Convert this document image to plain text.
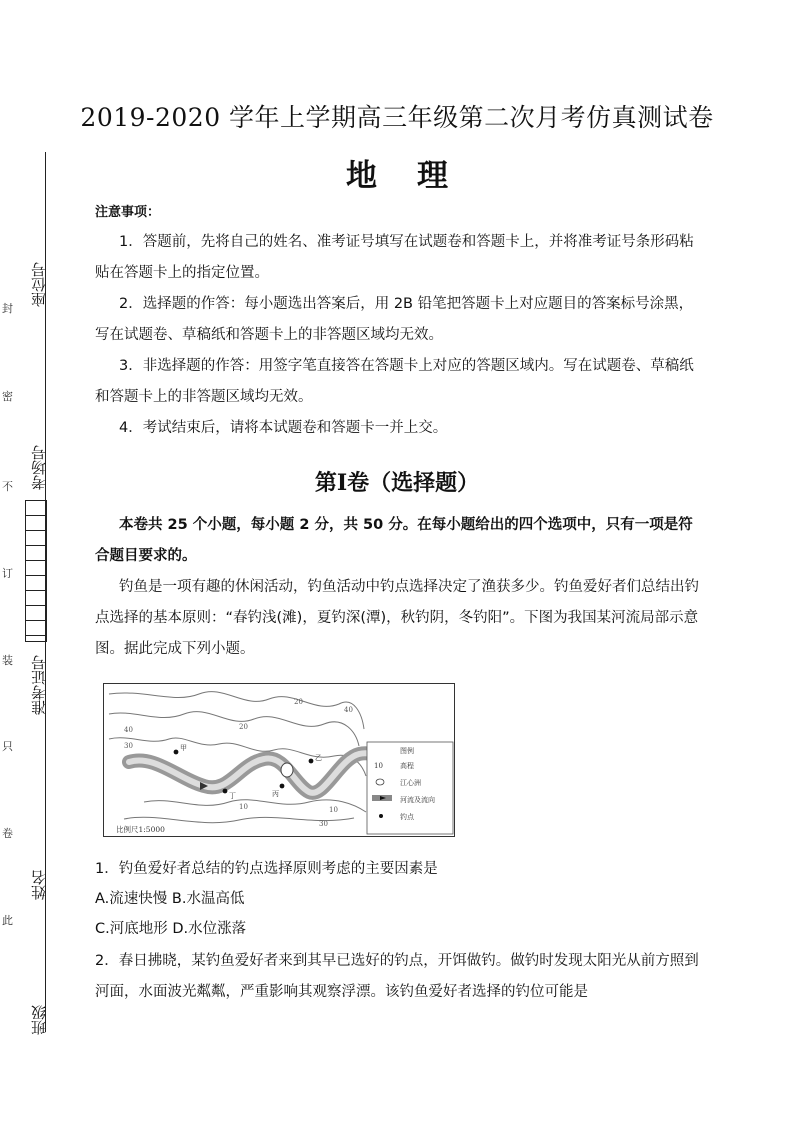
座位号
考场号
准考证号
姓名
班级
封
密
不
订
装
只
卷
此
2019-2020 学年上学期高三年级第二次月考仿真测试卷
地理
注意事项：
1．答题前，先将自己的姓名、准考证号填写在试题卷和答题卡上，并将准考证号条形码粘贴在答题卡上的指定位置。
2．选择题的作答：每小题选出答案后，用 2B 铅笔把答题卡上对应题目的答案标号涂黑，写在试题卷、草稿纸和答题卡上的非答题区域均无效。
3．非选择题的作答：用签字笔直接答在答题卡上对应的答题区域内。写在试题卷、草稿纸和答题卡上的非答题区域均无效。
4．考试结束后，请将本试题卷和答题卡一并上交。
第Ⅰ卷（选择题）
本卷共 25 个小题，每小题 2 分，共 50 分。在每小题给出的四个选项中，只有一项是符合题目要求的。
钓鱼是一项有趣的休闲活动，钓鱼活动中钓点选择决定了渔获多少。钓鱼爱好者们总结出钓点选择的基本原则：“春钓浅(滩)，夏钓深(潭)，秋钓阴，冬钓阳”。下图为我国某河流局部示意图。据此完成下列小题。
甲
乙
丙
丁
40
30
20
10	10
20
30
40
比例尺1:5000
图例
10 高程
江心洲
河流及流向
钓点
1．钓鱼爱好者总结的钓点选择原则考虑的主要因素是
A.流速快慢 B.水温高低
C.河底地形 D.水位涨落
2．春日拂晓，某钓鱼爱好者来到其早已选好的钓点，开饵做钓。做钓时发现太阳光从前方照到河面，水面波光粼粼，严重影响其观察浮漂。该钓鱼爱好者选择的钓位可能是
